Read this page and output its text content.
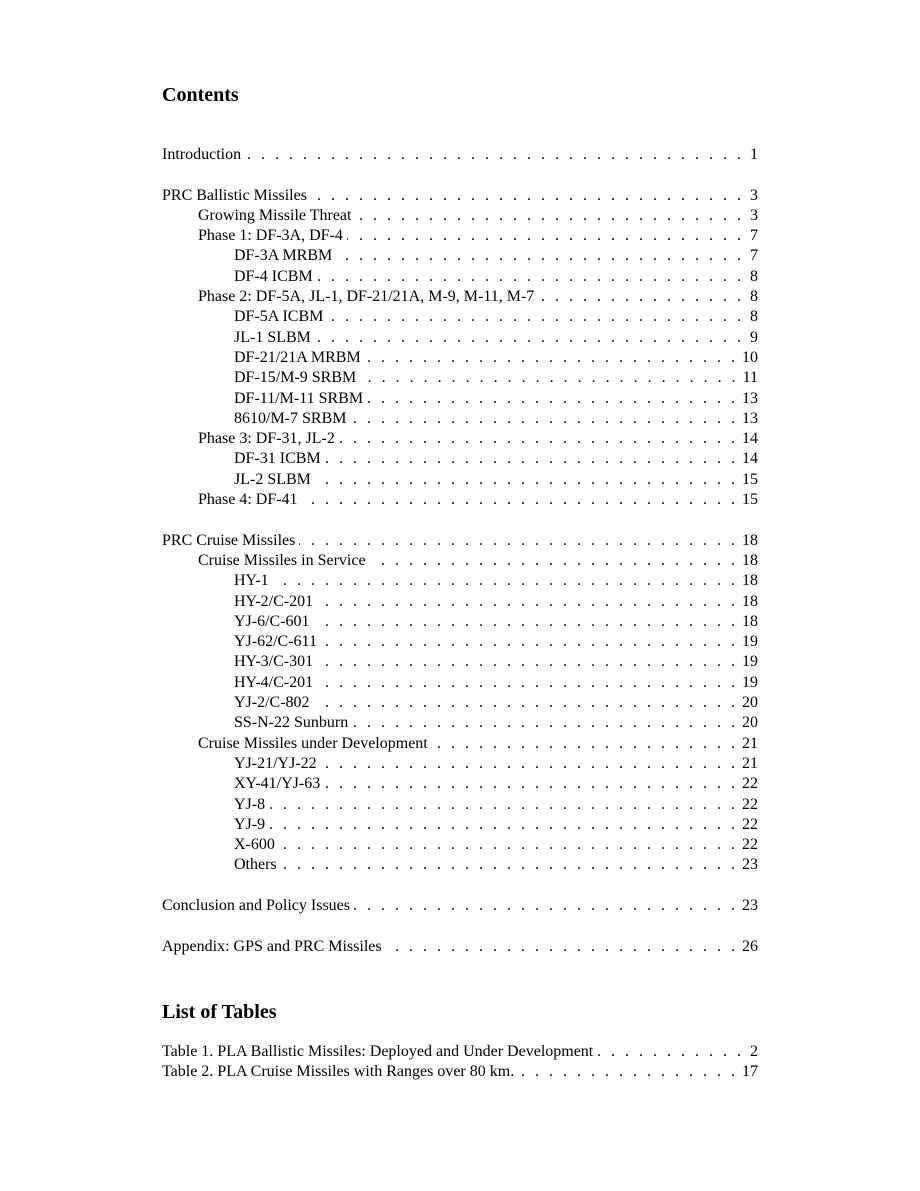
Contents
Introduction . . .	1
PRC Ballistic Missiles . . .	3
Growing Missile Threat . . .	3
Phase 1: DF-3A, DF-4 . . .	7
DF-3A MRBM . . .	7
DF-4 ICBM . . .	8
Phase 2: DF-5A, JL-1, DF-21/21A, M-9, M-11, M-7 . . .	8
DF-5A ICBM . . .	8
JL-1 SLBM . . .	9
DF-21/21A MRBM . . .	10
DF-15/M-9 SRBM . . .	11
DF-11/M-11 SRBM . . .	13
8610/M-7 SRBM . . .	13
Phase 3: DF-31, JL-2 . . .	14
DF-31 ICBM . . .	14
JL-2 SLBM . . .	15
Phase 4: DF-41 . . .	15
PRC Cruise Missiles . . .	18
Cruise Missiles in Service . . .	18
HY-1 . . .	18
HY-2/C-201 . . .	18
YJ-6/C-601 . . .	18
YJ-62/C-611 . . .	19
HY-3/C-301 . . .	19
HY-4/C-201 . . .	19
YJ-2/C-802 . . .	20
SS-N-22 Sunburn . . .	20
Cruise Missiles under Development . . .	21
YJ-21/YJ-22 . . .	21
XY-41/YJ-63 . . .	22
YJ-8 . . .	22
YJ-9 . . .	22
X-600 . . .	22
Others . . .	23
Conclusion and Policy Issues . . .	23
Appendix: GPS and PRC Missiles . . .	26
List of Tables
Table 1. PLA Ballistic Missiles: Deployed and Under Development . . .	2
Table 2. PLA Cruise Missiles with Ranges over 80 km. . . .	17
